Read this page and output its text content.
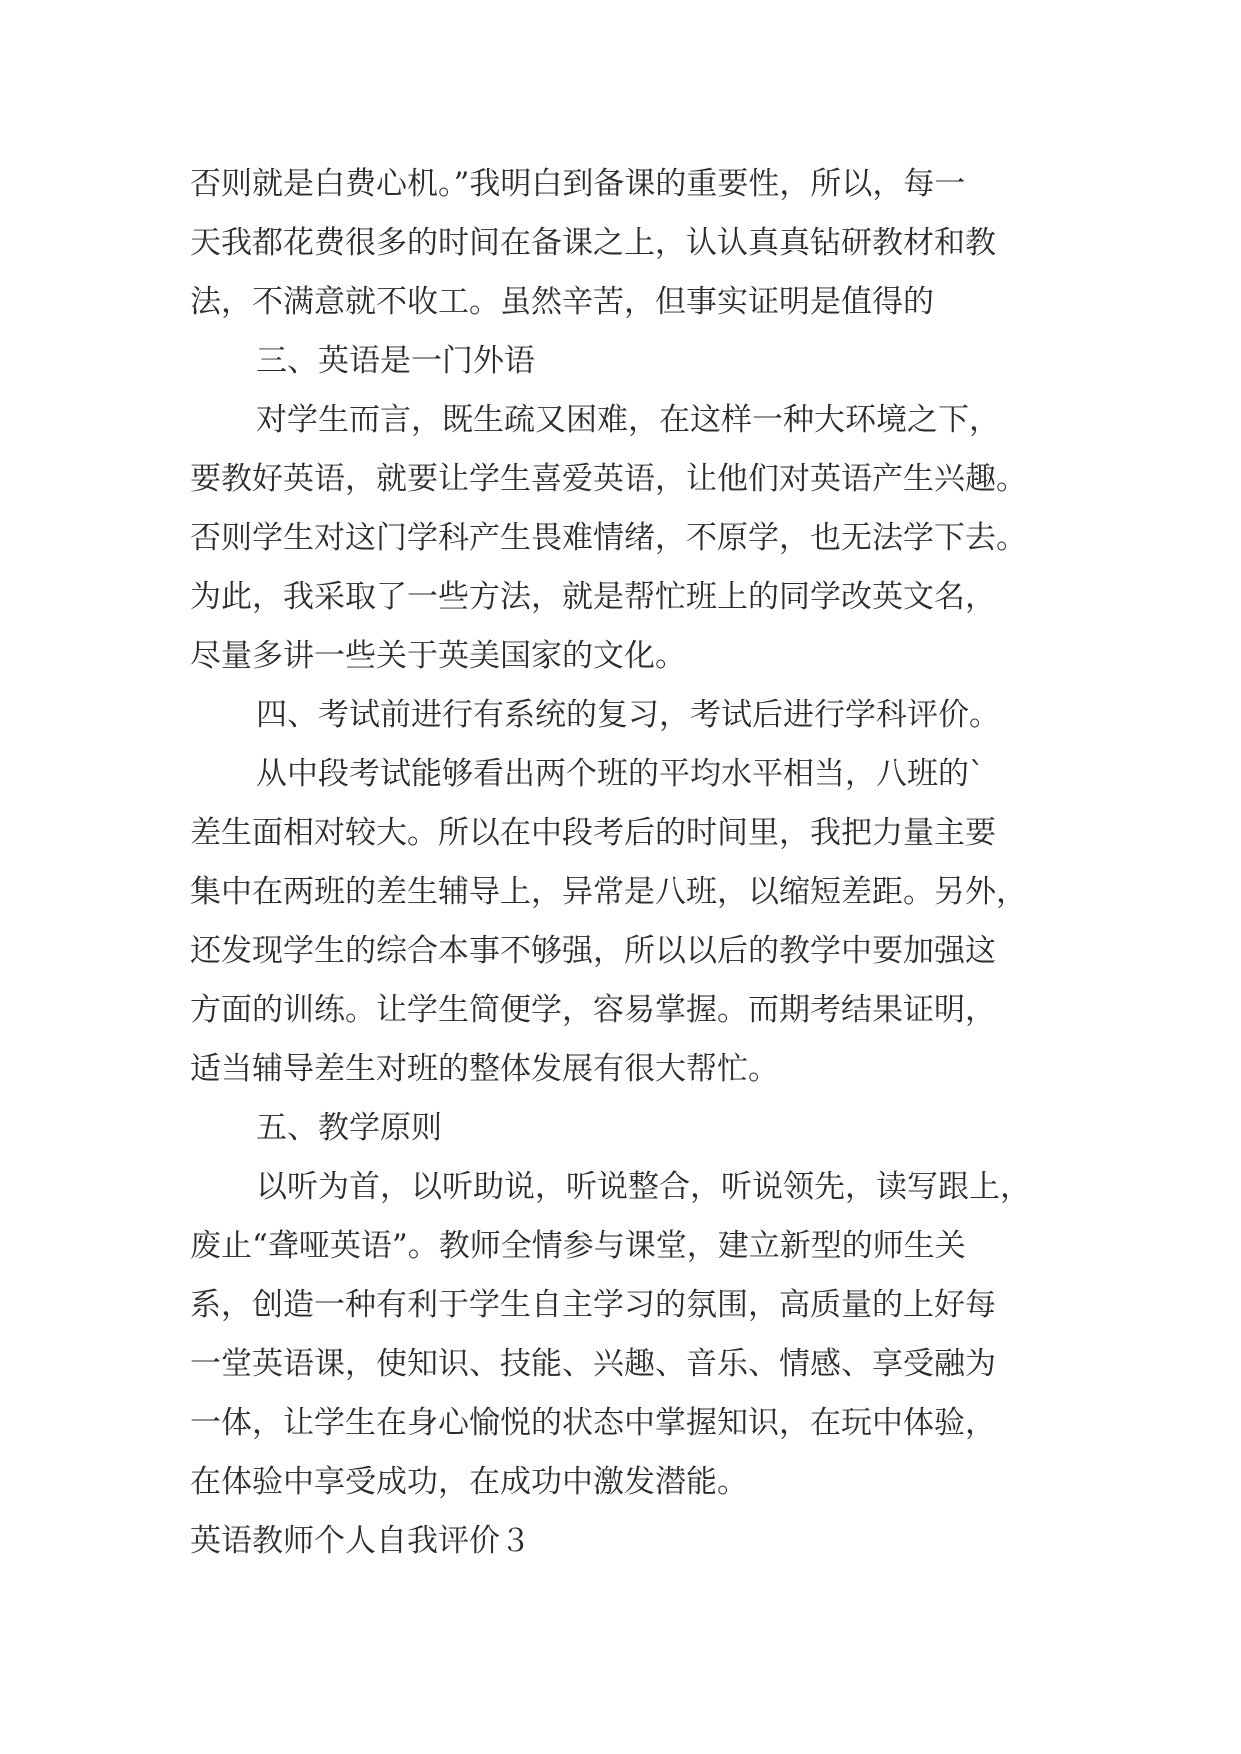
否则就是白费心机。”我明白到备课的重要性，所以，每一
天我都花费很多的时间在备课之上，认认真真钻研教材和教
法，不满意就不收工。虽然辛苦，但事实证明是值得的
三、英语是一门外语
对学生而言，既生疏又困难，在这样一种大环境之下，
要教好英语，就要让学生喜爱英语，让他们对英语产生兴趣。
否则学生对这门学科产生畏难情绪，不原学，也无法学下去。
为此，我采取了一些方法，就是帮忙班上的同学改英文名，
尽量多讲一些关于英美国家的文化。
四、考试前进行有系统的复习，考试后进行学科评价。
从中段考试能够看出两个班的平均水平相当，八班的`
差生面相对较大。所以在中段考后的时间里，我把力量主要
集中在两班的差生辅导上，异常是八班，以缩短差距。另外，
还发现学生的综合本事不够强，所以以后的教学中要加强这
方面的训练。让学生简便学，容易掌握。而期考结果证明，
适当辅导差生对班的整体发展有很大帮忙。
五、教学原则
以听为首，以听助说，听说整合，听说领先，读写跟上，
废止“聋哑英语”。教师全情参与课堂，建立新型的师生关
系，创造一种有利于学生自主学习的氛围，高质量的上好每
一堂英语课，使知识、技能、兴趣、音乐、情感、享受融为
一体，让学生在身心愉悦的状态中掌握知识，在玩中体验，
在体验中享受成功，在成功中激发潜能。
英语教师个人自我评价３
